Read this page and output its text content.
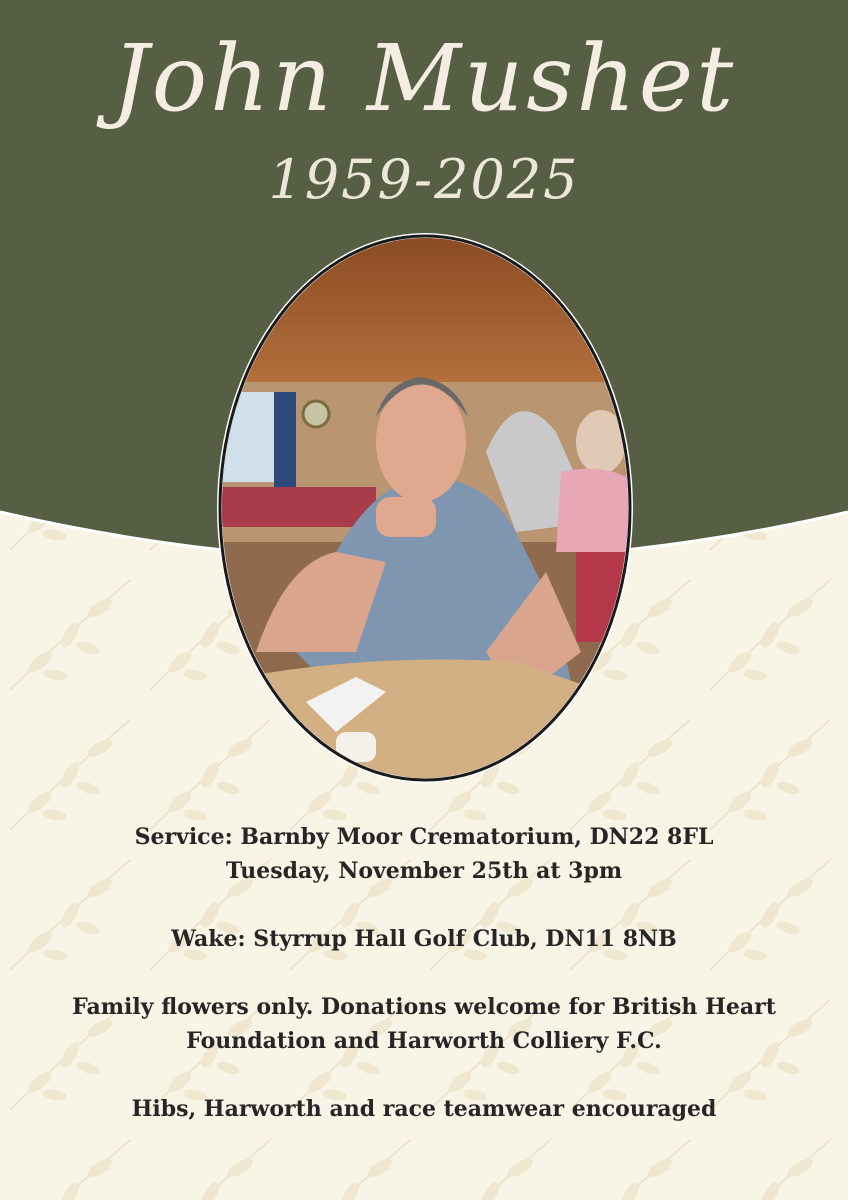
John Mushet
1959-2025

Service: Barnby Moor Crematorium, DN22 8FL

Tuesday, November 25th at 3pm

Wake: Styrrup Hall Golf Club, DN11 8NB

Family flowers only. Donations welcome for British Heart

Foundation and Harworth Colliery F.C.

Hibs, Harworth and race teamwear encouraged
